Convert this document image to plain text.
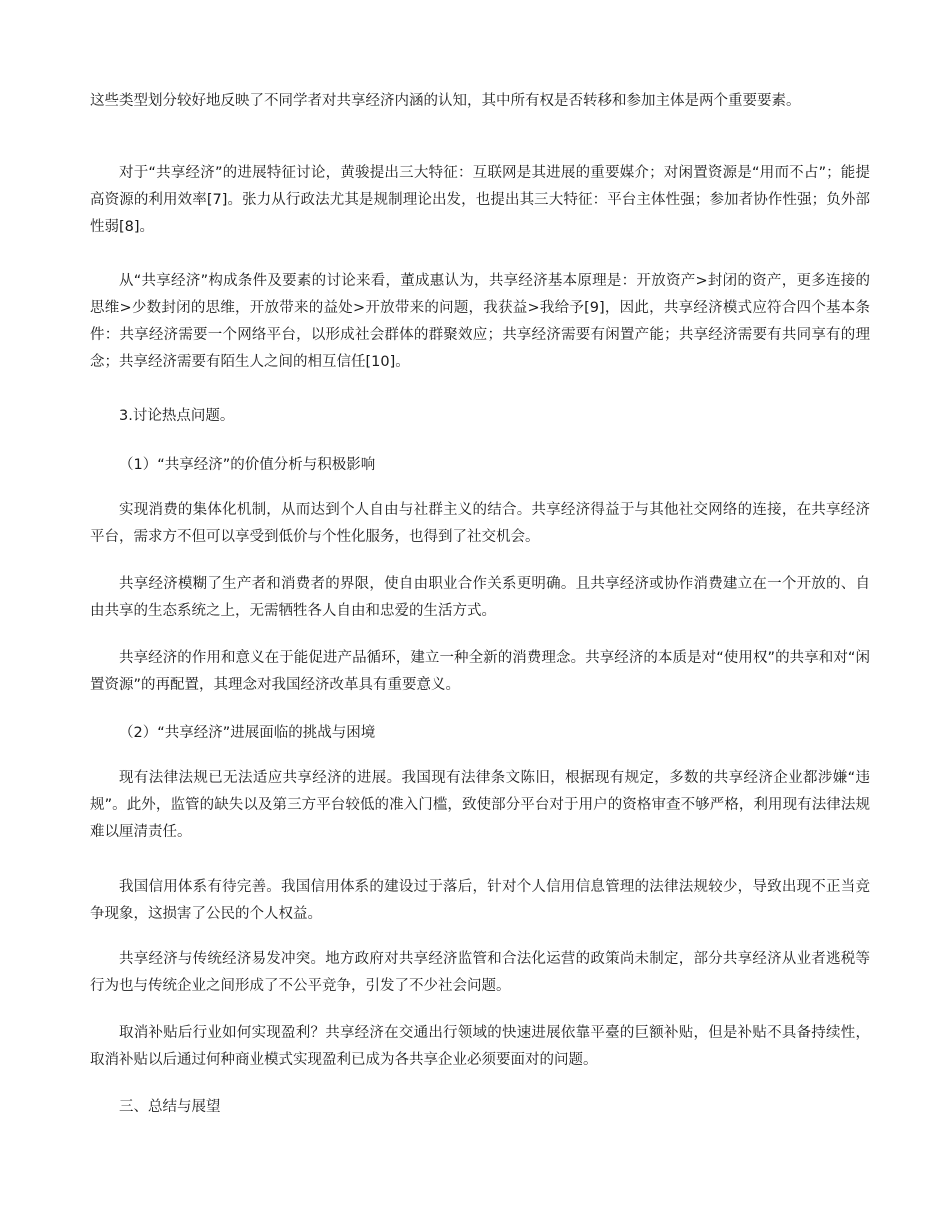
这些类型划分较好地反映了不同学者对共享经济内涵的认知，其中所有权是否转移和参加主体是两个重要要素。

对于“共享经济”的进展特征讨论，黄骏提出三大特征：互联网是其进展的重要媒介；对闲置资源是“用而不占”；能提高资源的利用效率[7]。张力从行政法尤其是规制理论出发，也提出其三大特征：平台主体性强；参加者协作性强；负外部性弱[8]。

从“共享经济”构成条件及要素的讨论来看，董成惠认为，共享经济基本原理是：开放资产>封闭的资产，更多连接的思维>少数封闭的思维，开放带来的益处>开放带来的问题，我获益>我给予[9]，因此，共享经济模式应符合四个基本条件：共享经济需要一个网络平台，以形成社会群体的群聚效应；共享经济需要有闲置产能；共享经济需要有共同享有的理念；共享经济需要有陌生人之间的相互信任[10]。

3.讨论热点问题。

（1）“共享经济”的价值分析与积极影响

实现消费的集体化机制，从而达到个人自由与社群主义的结合。共享经济得益于与其他社交网络的连接，在共享经济平台，需求方不但可以享受到低价与个性化服务，也得到了社交机会。

共享经济模糊了生产者和消费者的界限，使自由职业合作关系更明确。且共享经济或协作消费建立在一个开放的、自由共享的生态系统之上，无需牺牲各人自由和忠爱的生活方式。

共享经济的作用和意义在于能促进产品循环，建立一种全新的消费理念。共享经济的本质是对“使用权”的共享和对“闲置资源”的再配置，其理念对我国经济改革具有重要意义。

（2）“共享经济”进展面临的挑战与困境

现有法律法规已无法适应共享经济的进展。我国现有法律条文陈旧，根据现有规定，多数的共享经济企业都涉嫌“违规”。此外，监管的缺失以及第三方平台较低的准入门槛，致使部分平台对于用户的资格审查不够严格，利用现有法律法规难以厘清责任。

我国信用体系有待完善。我国信用体系的建设过于落后，针对个人信用信息管理的法律法规较少，导致出现不正当竞争现象，这损害了公民的个人权益。

共享经济与传统经济易发冲突。地方政府对共享经济监管和合法化运营的政策尚未制定，部分共享经济从业者逃税等行为也与传统企业之间形成了不公平竞争，引发了不少社会问题。

取消补贴后行业如何实现盈利？共享经济在交通出行领域的快速进展依靠平臺的巨额补贴，但是补贴不具备持续性，取消补贴以后通过何种商业模式实现盈利已成为各共享企业必须要面对的问题。

三、总结与展望
